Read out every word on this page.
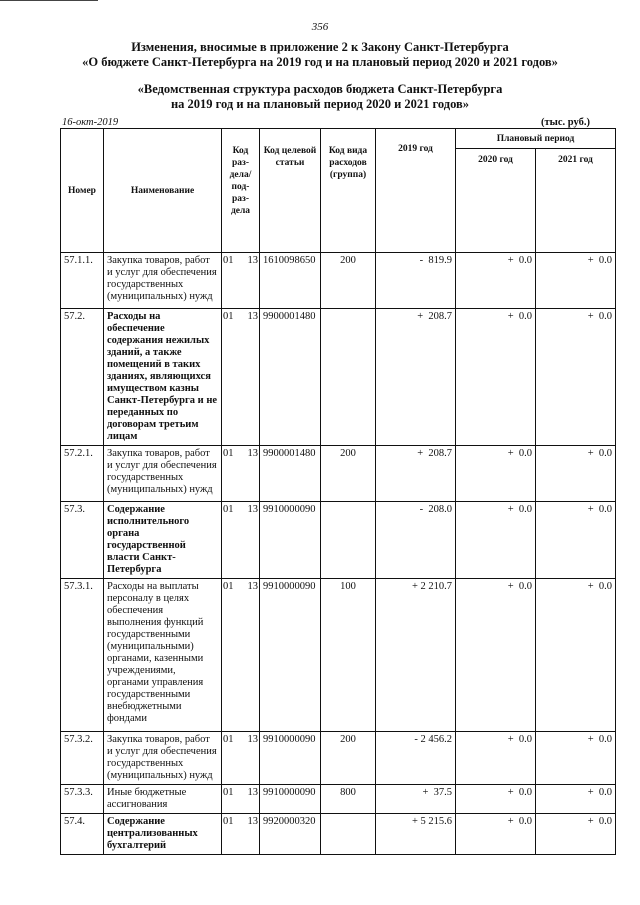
356
Изменения, вносимые в приложение 2 к Закону Санкт-Петербурга
«О бюджете Санкт-Петербурга на 2019 год и на плановый период 2020 и 2021 годов»
«Ведомственная структура расходов бюджета Санкт-Петербурга
на 2019 год и на плановый период 2020 и 2021 годов»
16-окт-2019	(тыс. руб.)
Номер	Наименование	Код раз- дела/ под- раз- дела	Код целевой статьи	Код вида расходов (группа)	2019 год	Плановый период	
						2020 год	2021 год
57.1.1.	Закупка товаров, работ и услуг для обеспечения государственных (муниципальных) нужд	01 13	1610098650	200	-  819.9	+  0.0	+  0.0
57.2.	Расходы на обеспечение содержания нежилых зданий, а также помещений в таких зданиях, являющихся имуществом казны Санкт-Петербурга и не переданных по договорам третьим лицам	01 13	9900001480		+  208.7	+  0.0	+  0.0
57.2.1.	Закупка товаров, работ и услуг для обеспечения государственных (муниципальных) нужд	01 13	9900001480	200	+  208.7	+  0.0	+  0.0
57.3.	Содержание исполнительного органа государственной власти Санкт-Петербурга	01 13	9910000090		-  208.0	+  0.0	+  0.0
57.3.1.	Расходы на выплаты персоналу в целях обеспечения выполнения функций государственными (муниципальными) органами, казенными учреждениями, органами управления государственными внебюджетными фондами	01 13	9910000090	100	+ 2 210.7	+  0.0	+  0.0
57.3.2.	Закупка товаров, работ и услуг для обеспечения государственных (муниципальных) нужд	01 13	9910000090	200	- 2 456.2	+  0.0	+  0.0
57.3.3.	Иные бюджетные ассигнования	01 13	9910000090	800	+  37.5	+  0.0	+  0.0
57.4.	Содержание централизованных бухгалтерий	01 13	9920000320		+ 5 215.6	+  0.0	+  0.0
